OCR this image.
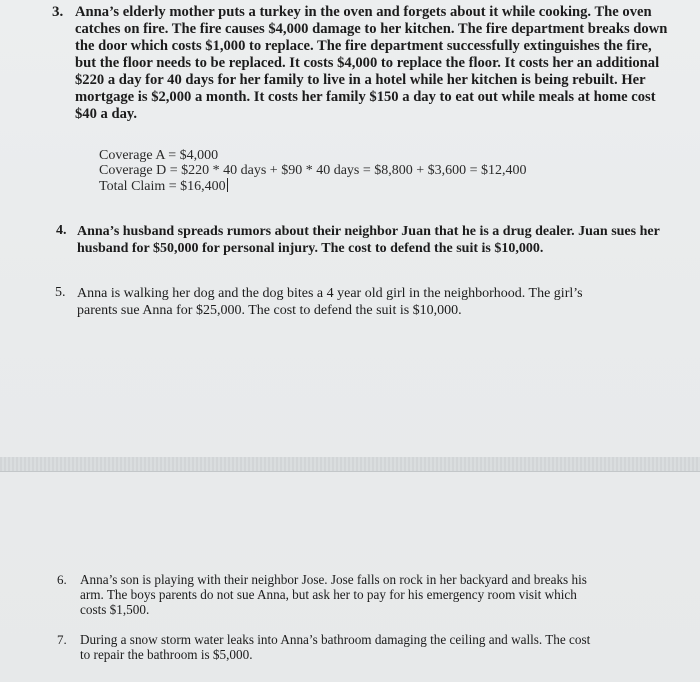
3. Anna’s elderly mother puts a turkey in the oven and forgets about it while cooking. The oven
catches on fire. The fire causes $4,000 damage to her kitchen. The fire department breaks down
the door which costs $1,000 to replace. The fire department successfully extinguishes the fire,
but the floor needs to be replaced. It costs $4,000 to replace the floor. It costs her an additional
$220 a day for 40 days for her family to live in a hotel while her kitchen is being rebuilt. Her
mortgage is $2,000 a month. It costs her family $150 a day to eat out while meals at home cost
$40 a day.
Coverage A = $4,000
Coverage D = $220 * 40 days + $90 * 40 days = $8,800 + $3,600 = $12,400
Total Claim = $16,400
4. Anna’s husband spreads rumors about their neighbor Juan that he is a drug dealer. Juan sues her
husband for $50,000 for personal injury. The cost to defend the suit is $10,000.
5. Anna is walking her dog and the dog bites a 4 year old girl in the neighborhood. The girl’s
parents sue Anna for $25,000. The cost to defend the suit is $10,000.
6. Anna’s son is playing with their neighbor Jose. Jose falls on rock in her backyard and breaks his
arm. The boys parents do not sue Anna, but ask her to pay for his emergency room visit which
costs $1,500.
7. During a snow storm water leaks into Anna’s bathroom damaging the ceiling and walls. The cost
to repair the bathroom is $5,000.
